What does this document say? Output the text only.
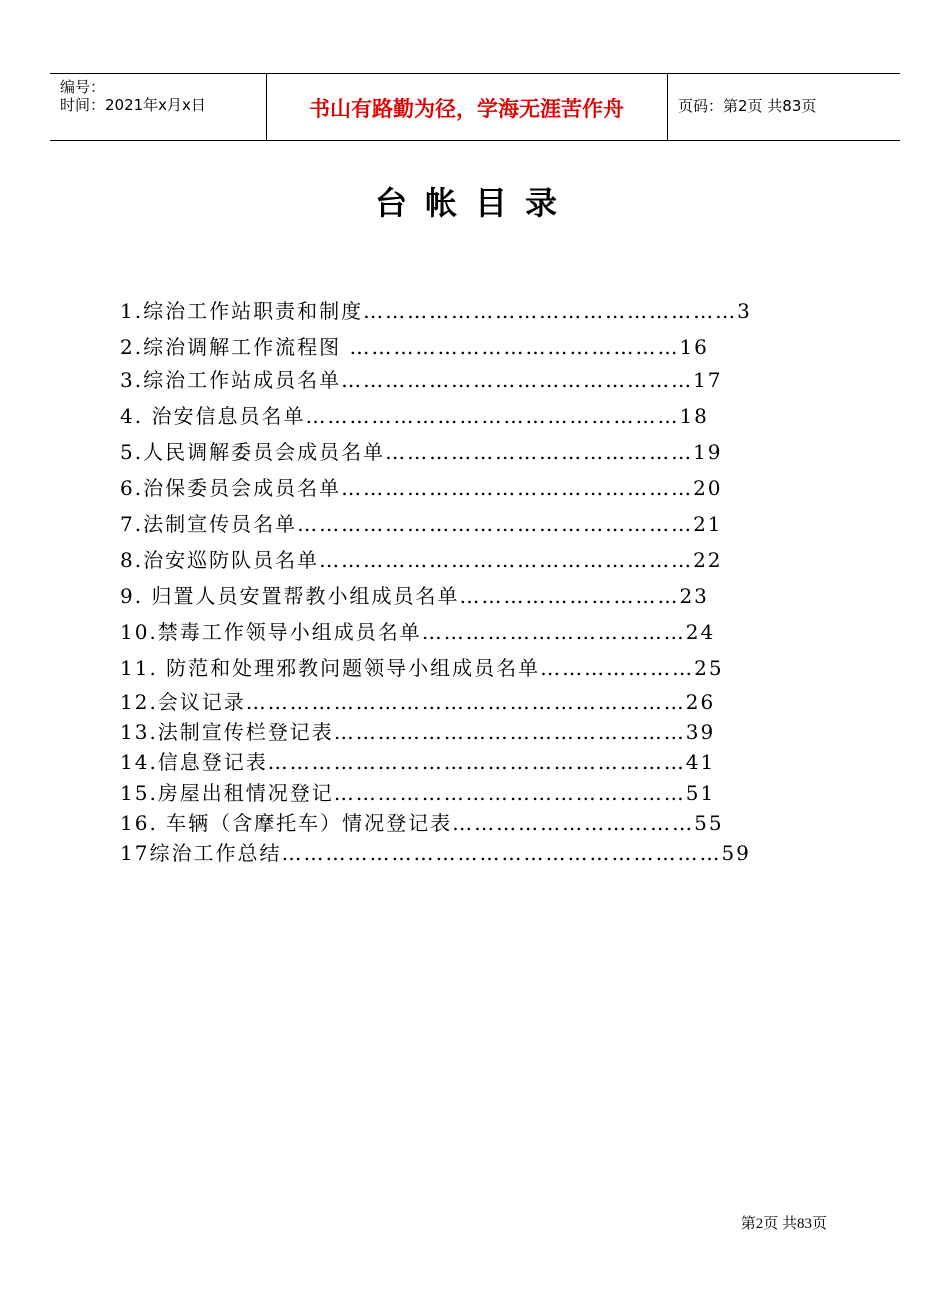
编号：
时间：2021年x月x日	书山有路勤为径，学海无涯苦作舟	页码：第2页 共83页
台帐目录
1.综治工作站职责和制度……………………………………………3
2.综治调解工作流程图 ………………………………………16
3.综治工作站成员名单…………………………………………17
4. 治安信息员名单……………………………………………18
5.人民调解委员会成员名单……………………………………19
6.治保委员会成员名单…………………………………………20
7.法制宣传员名单………………………………………………21
8.治安巡防队员名单……………………………………………22
9. 归置人员安置帮教小组成员名单…………………………23
10.禁毒工作领导小组成员名单………………………………24
11. 防范和处理邪教问题领导小组成员名单…………………25
12.会议记录……………………………………………………26
13.法制宣传栏登记表…………………………………………39
14.信息登记表…………………………………………………41
15.房屋出租情况登记…………………………………………51
16. 车辆（含摩托车）情况登记表……………………………55
17综治工作总结……………………………………………………59
第2页 共83页
